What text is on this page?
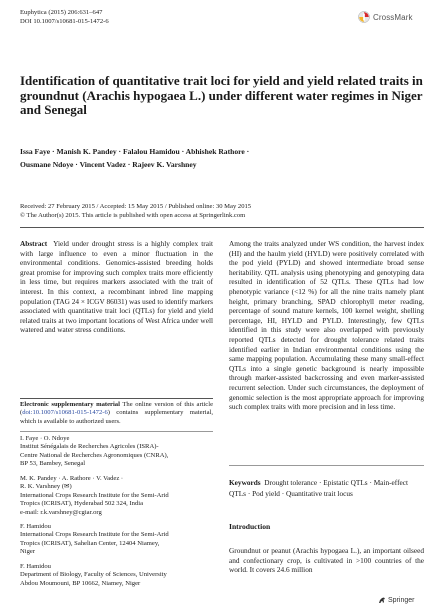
Euphytica (2015) 206:631–647
DOI 10.1007/s10681-015-1472-6	CrossMark
Identification of quantitative trait loci for yield and yield related traits in groundnut (Arachis hypogaea L.) under different water regimes in Niger and Senegal
Issa Faye · Manish K. Pandey · Falalou Hamidou · Abhishek Rathore ·
Ousmane Ndoye · Vincent Vadez · Rajeev K. Varshney
Received: 27 February 2015 / Accepted: 15 May 2015 / Published online: 30 May 2015
© The Author(s) 2015. This article is published with open access at Springerlink.com

Abstract Yield under drought stress is a highly complex trait with large influence to even a minor fluctuation in the environmental conditions. Genomics-assisted breeding holds great promise for improving such complex traits more efficiently in less time, but requires markers associated with the trait of interest. In this context, a recombinant inbred line mapping population (TAG 24 × ICGV 86031) was used to identify markers associated with quantitative trait loci (QTLs) for yield and yield related traits at two important locations of West Africa under well watered and water stress conditions.

Among the traits analyzed under WS condition, the harvest index (HI) and the haulm yield (HYLD) were positively correlated with the pod yield (PYLD) and showed intermediate broad sense heritability. QTL analysis using phenotyping and genotyping data resulted in identification of 52 QTLs. These QTLs had low phenotypic variance (<12 %) for all the nine traits namely plant height, primary branching, SPAD chlorophyll meter reading, percentage of sound mature kernels, 100 kernel weight, shelling percentage, HI, HYLD and PYLD. Interestingly, few QTLs identified in this study were also overlapped with previously reported QTLs detected for drought tolerance related traits identified earlier in Indian environmental conditions using the same mapping population. Accumulating these many small-effect QTLs into a single genetic background is nearly impossible through marker-assisted backcrossing and even marker-assisted recurrent selection. Under such circumstances, the deployment of genomic selection is the most appropriate approach for improving such complex traits with more precision and in less time.

Electronic supplementary material The online version of this article (doi:10.1007/s10681-015-1472-6) contains supplementary material, which is available to authorized users.
I. Faye · O. Ndoye
Institut Sénégalais de Recherches Agricoles (ISRA)-
Centre National de Recherches Agronomiques (CNRA),
BP 53, Bambey, Senegal
M. K. Pandey · A. Rathore · V. Vadez ·
R. K. Varshney (✉)
International Crops Research Institute for the Semi-Arid
Tropics (ICRISAT), Hyderabad 502 324, India
e-mail: r.k.varshney@cgiar.org
F. Hamidou
International Crops Research Institute for the Semi-Arid
Tropics (ICRISAT), Sahelian Center, 12404 Niamey,
Niger
F. Hamidou
Department of Biology, Faculty of Sciences, University
Abdou Moumouni, BP 10662, Niamey, Niger
Keywords Drought tolerance · Epistatic QTLs · Main-effect QTLs · Pod yield · Quantitative trait locus
Introduction

Groundnut or peanut (Arachis hypogaea L.), an important oilseed and confectionary crop, is cultivated in >100 countries of the world. It covers 24.6 million

Springer
